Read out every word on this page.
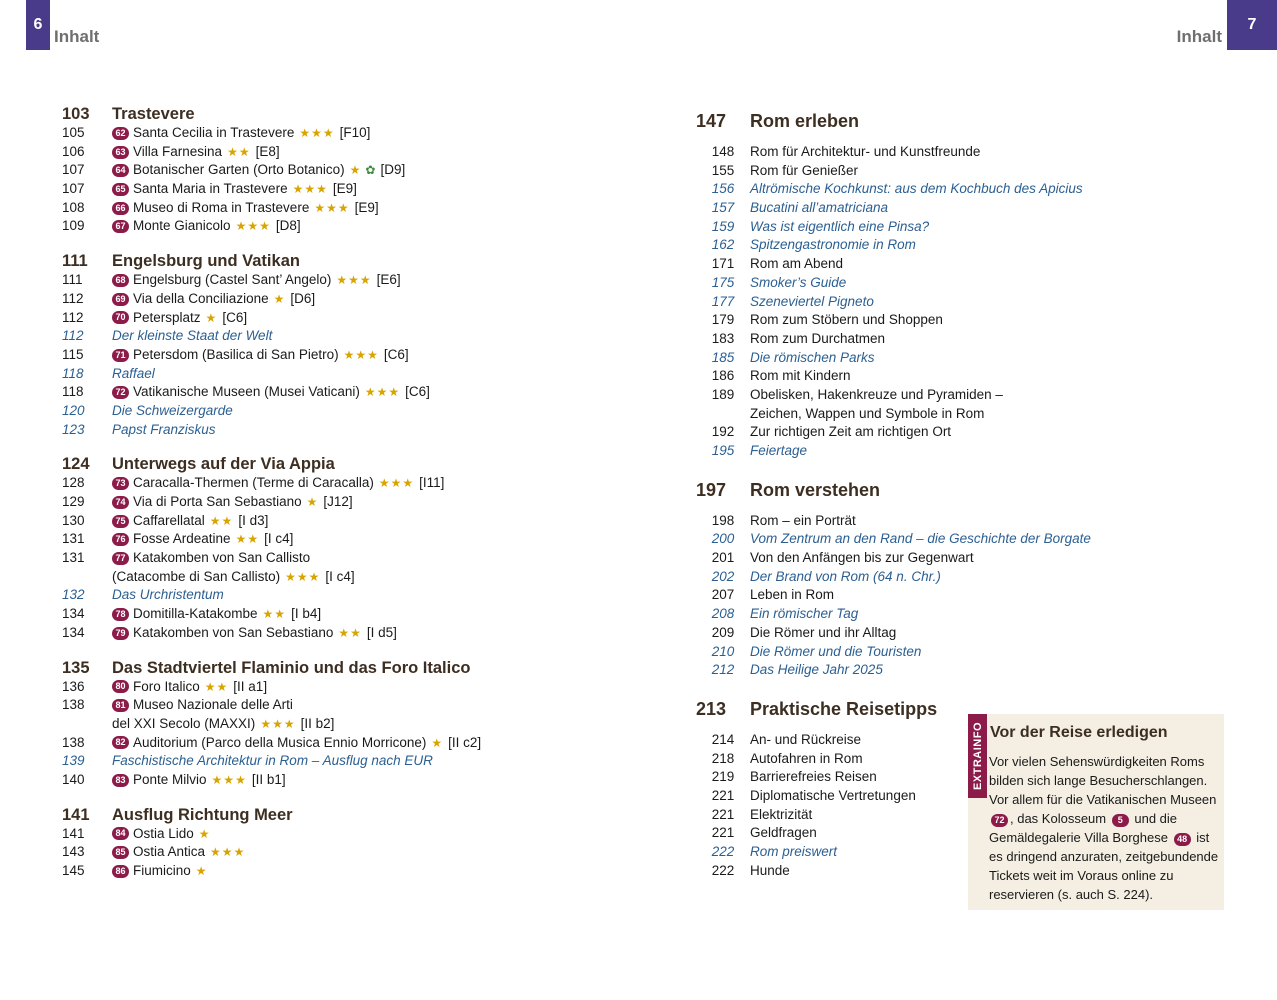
6
Inhalt	Inhalt
7
103	Trastevere
105	62 Santa Cecilia in Trastevere ★★★ [F10]
106	63 Villa Farnesina ★★ [E8]
107	64 Botanischer Garten (Orto Botanico) ★ ✿ [D9]
107	65 Santa Maria in Trastevere ★★★ [E9]
108	66 Museo di Roma in Trastevere ★★★ [E9]
109	67 Monte Gianicolo ★★★ [D8]
111	Engelsburg und Vatikan
111	68 Engelsburg (Castel Sant’ Angelo) ★★★ [E6]
112	69 Via della Conciliazione ★ [D6]
112	70 Petersplatz ★ [C6]
112	Der kleinste Staat der Welt
115	71 Petersdom (Basilica di San Pietro) ★★★ [C6]
118	Raffael
118	72 Vatikanische Museen (Musei Vaticani) ★★★ [C6]
120	Die Schweizergarde
123	Papst Franziskus
124	Unterwegs auf der Via Appia
128	73 Caracalla-Thermen (Terme di Caracalla) ★★★ [I11]
129	74 Via di Porta San Sebastiano ★ [J12]
130	75 Caffarellatal ★★ [I d3]
131	76 Fosse Ardeatine ★★ [I c4]
131	77 Katakomben von San Callisto
(Catacombe di San Callisto) ★★★ [I c4]
132	Das Urchristentum
134	78 Domitilla-Katakombe ★★ [I b4]
134	79 Katakomben von San Sebastiano ★★ [I d5]
135	Das Stadtviertel Flaminio und das Foro Italico
136	80 Foro Italico ★★ [II a1]
138	81 Museo Nazionale delle Arti
del XXI Secolo (MAXXI) ★★★ [II b2]
138	82 Auditorium (Parco della Musica Ennio Morricone) ★ [II c2]
139	Faschistische Architektur in Rom – Ausflug nach EUR
140	83 Ponte Milvio ★★★ [II b1]
141	Ausflug Richtung Meer
141	84 Ostia Lido ★
143	85 Ostia Antica ★★★
145	86 Fiumicino ★
147	Rom erleben
148	Rom für Architektur- und Kunstfreunde
155	Rom für Genießer
156	Altrömische Kochkunst: aus dem Kochbuch des Apicius
157	Bucatini all’amatriciana
159	Was ist eigentlich eine Pinsa?
162	Spitzengastronomie in Rom
171	Rom am Abend
175	Smoker’s Guide
177	Szeneviertel Pigneto
179	Rom zum Stöbern und Shoppen
183	Rom zum Durchatmen
185	Die römischen Parks
186	Rom mit Kindern
189	Obelisken, Hakenkreuze und Pyramiden –
Zeichen, Wappen und Symbole in Rom
192	Zur richtigen Zeit am richtigen Ort
195	Feiertage
197	Rom verstehen
198	Rom – ein Porträt
200	Vom Zentrum an den Rand – die Geschichte der Borgate
201	Von den Anfängen bis zur Gegenwart
202	Der Brand von Rom (64 n. Chr.)
207	Leben in Rom
208	Ein römischer Tag
209	Die Römer und ihr Alltag
210	Die Römer und die Touristen
212	Das Heilige Jahr 2025
213	Praktische Reisetipps
214	An- und Rückreise
218	Autofahren in Rom
219	Barrierefreies Reisen
221	Diplomatische Vertretungen
221	Elektrizität
221	Geldfragen
222	Rom preiswert
222	Hunde
EXTRAINFO Vor der Reise erledigen
Vor vielen Sehenswürdigkeiten Roms bilden sich lange Besucherschlangen. Vor allem für die Vatikanischen Museen 72 , das Kolosseum 5 und die Gemäldegalerie Villa Borghese 48 ist es dringend anzuraten, zeitgebundende Tickets weit im Voraus online zu reservieren (s. auch S. 224).
